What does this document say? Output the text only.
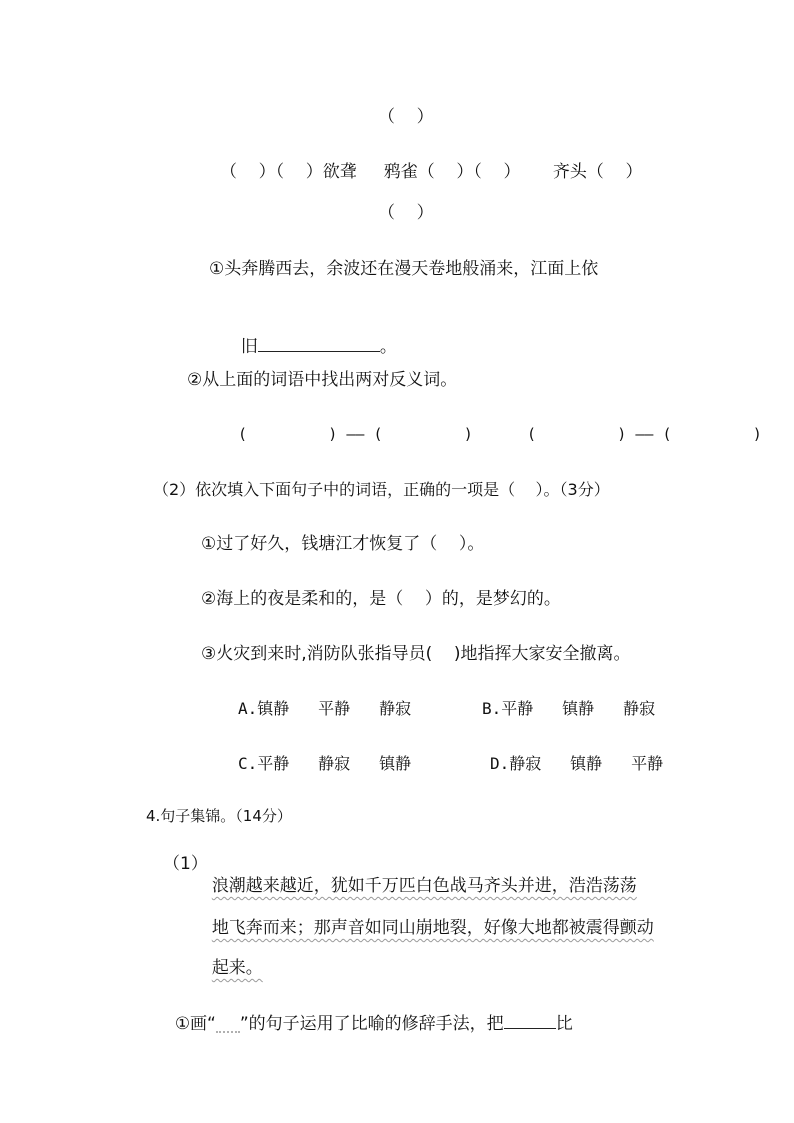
（    ）
（    ）（    ）欲聋     鸦雀（    ）（    ）      齐头（    ）
（    ）
①头奔腾西去，余波还在漫天卷地般涌来，江面上依

旧	。

②从上面的词语中找出两对反义词。
(         ) —— (         )      (         ) —— (         )
（2）依次填入下面句子中的词语，正确的一项是（    ）。（3分）
①过了好久，钱塘江才恢复了（    ）。
②海上的夜是柔和的，是（    ）的，是梦幻的。
③火灾到来时,消防队张指导员(    )地指挥大家安全撤离。
A.镇静   平静   静寂	B.平静   镇静   静寂
C.平静   静寂   镇静	D.静寂   镇静   平静
4.句子集锦。（14分）
（1）

浪潮越来越近，犹如千万匹白色战马齐头并进，浩浩荡荡

地飞奔而来；那声音如同山崩地裂，好像大地都被震得颤动

起来。

①画“ ”的句子运用了比喻的修辞手法，把	比
